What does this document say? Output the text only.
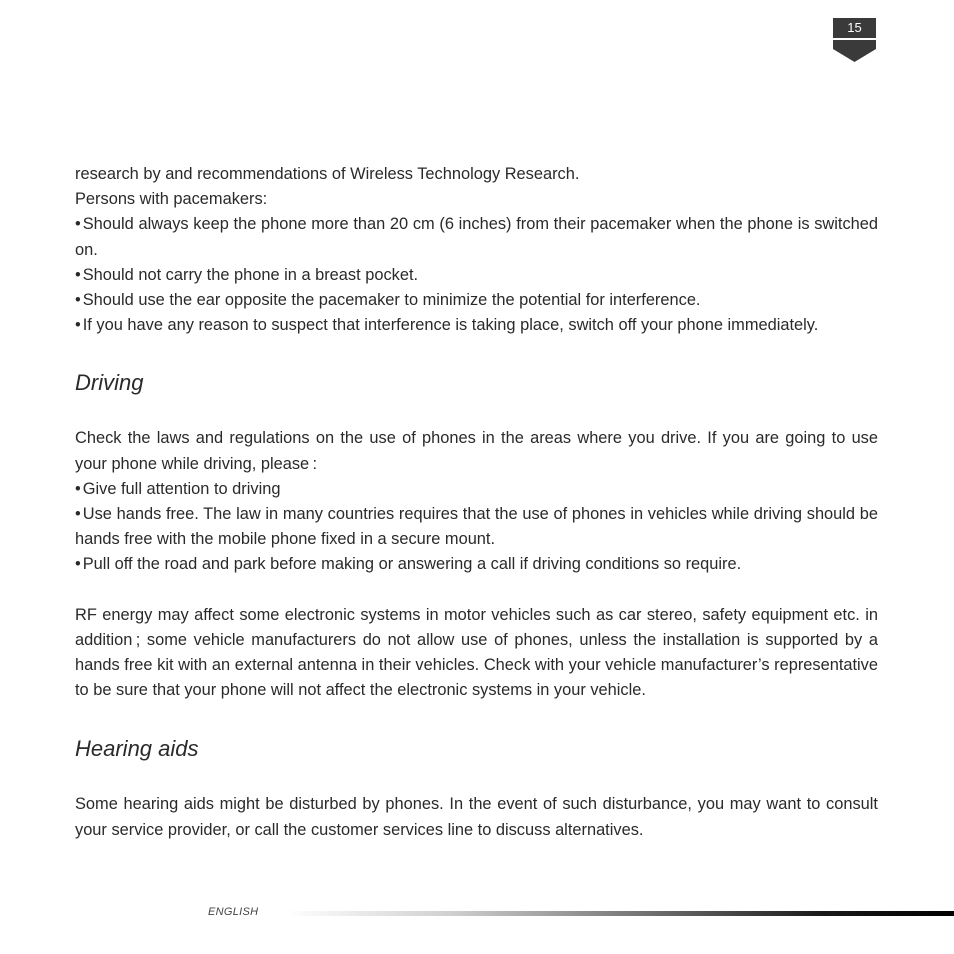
15

research by and recommendations of Wireless Technology Research.

Persons with pacemakers:

• Should always keep the phone more than 20 cm (6 inches) from their pacemaker when the phone is switched on.

• Should not carry the phone in a breast pocket.

• Should use the ear opposite the pacemaker to minimize the potential for interference.

• If you have any reason to suspect that interference is taking place, switch off your phone immediately.

Driving

Check the laws and regulations on the use of phones in the areas where you drive. If you are going to use your phone while driving, please :

• Give full attention to driving

• Use hands free. The law in many countries requires that the use of phones in vehicles while driving should be hands free with the mobile phone fixed in a secure mount.

• Pull off the road and park before making or answering a call if driving conditions so require.

RF energy may affect some electronic systems in motor vehicles such as car stereo, safety equipment etc. in addition ; some vehicle manufacturers do not allow use of phones, unless the installation is supported by a hands free kit with an external antenna in their vehicles. Check with your vehicle manufacturer’s representative to be sure that your phone will not affect the electronic systems in your vehicle.

Hearing aids

Some hearing aids might be disturbed by phones. In the event of such disturbance, you may want to consult your service provider, or call the customer services line to discuss alternatives.

ENGLISH
